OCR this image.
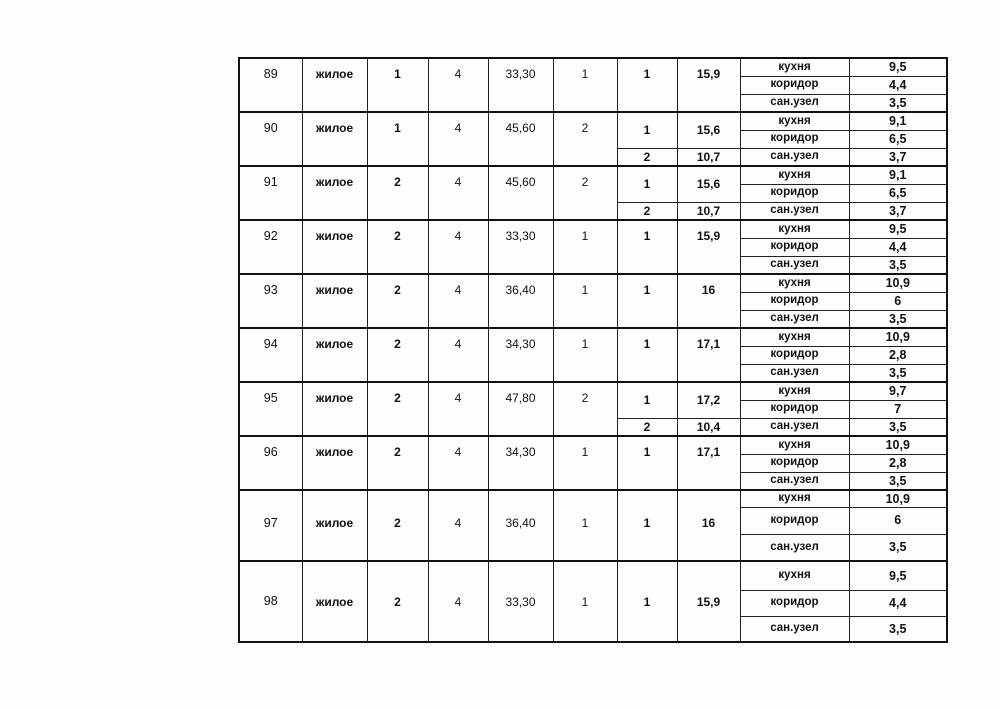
89	жилое	1	4	33,30	1	1	15,9	кухня	9,5
								коридор	4,4
								сан.узел	3,5
90	жилое	1	4	45,60	2	1	15,6	кухня	9,1
								коридор	6,5
						2	10,7	сан.узел	3,7
91	жилое	2	4	45,60	2	1	15,6	кухня	9,1
								коридор	6,5
						2	10,7	сан.узел	3,7
92	жилое	2	4	33,30	1	1	15,9	кухня	9,5
								коридор	4,4
								сан.узел	3,5
93	жилое	2	4	36,40	1	1	16	кухня	10,9
								коридор	6
								сан.узел	3,5
94	жилое	2	4	34,30	1	1	17,1	кухня	10,9
								коридор	2,8
								сан.узел	3,5
95	жилое	2	4	47,80	2	1	17,2	кухня	9,7
								коридор	7
						2	10,4	сан.узел	3,5
96	жилое	2	4	34,30	1	1	17,1	кухня	10,9
								коридор	2,8
								сан.узел	3,5
97	жилое	2	4	36,40	1	1	16	кухня	10,9
								коридор	6
								сан.узел	3,5
98	жилое	2	4	33,30	1	1	15,9	кухня	9,5
								коридор	4,4
								сан.узел	3,5
